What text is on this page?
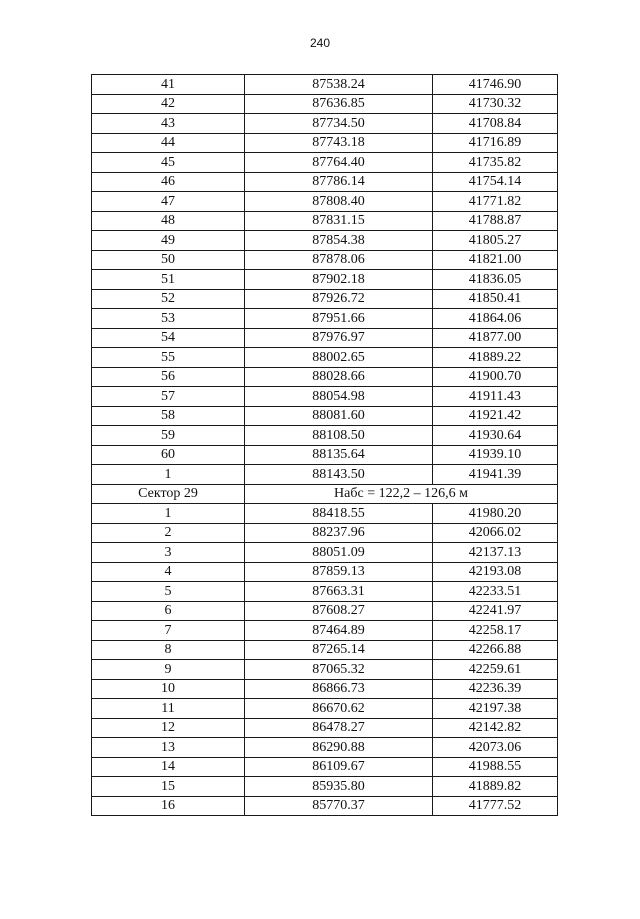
240
41	87538.24	41746.90
42	87636.85	41730.32
43	87734.50	41708.84
44	87743.18	41716.89
45	87764.40	41735.82
46	87786.14	41754.14
47	87808.40	41771.82
48	87831.15	41788.87
49	87854.38	41805.27
50	87878.06	41821.00
51	87902.18	41836.05
52	87926.72	41850.41
53	87951.66	41864.06
54	87976.97	41877.00
55	88002.65	41889.22
56	88028.66	41900.70
57	88054.98	41911.43
58	88081.60	41921.42
59	88108.50	41930.64
60	88135.64	41939.10
1	88143.50	41941.39
Сектор 29	Набс = 122,2 – 126,6 м	
1	88418.55	41980.20
2	88237.96	42066.02
3	88051.09	42137.13
4	87859.13	42193.08
5	87663.31	42233.51
6	87608.27	42241.97
7	87464.89	42258.17
8	87265.14	42266.88
9	87065.32	42259.61
10	86866.73	42236.39
11	86670.62	42197.38
12	86478.27	42142.82
13	86290.88	42073.06
14	86109.67	41988.55
15	85935.80	41889.82
16	85770.37	41777.52
